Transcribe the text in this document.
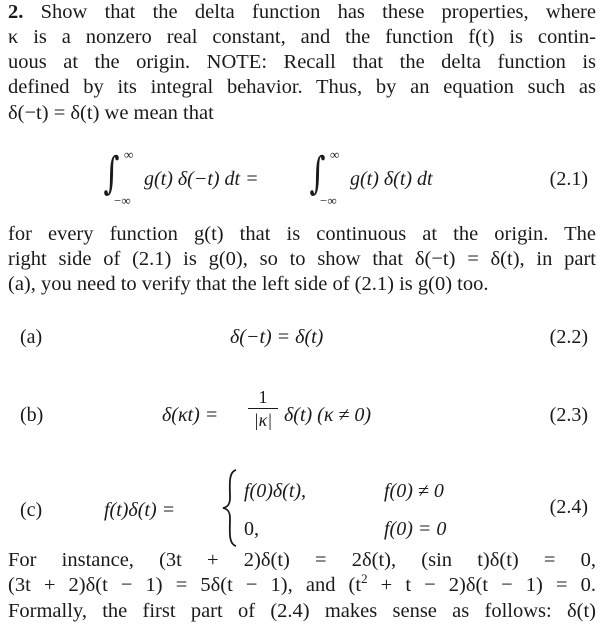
2. Show that the delta function has these properties, where
κ is a nonzero real constant, and the function f(t) is contin-
uous at the origin. NOTE: Recall that the delta function is
defined by its integral behavior. Thus, by an equation such as
δ(−t) = δ(t) we mean that
∫ ∞
−∞
g(t) δ(−t) dt = ∫ ∞
−∞
g(t) δ(t) dt	(2.1)
for every function g(t) that is continuous at the origin. The
right side of (2.1) is g(0), so to show that δ(−t) = δ(t), in part
(a), you need to verify that the left side of (2.1) is g(0) too.
(a)	δ(−t) = δ(t)	(2.2)
(b)	$\delta(\kappa t) = \frac{1}{|\kappa|} \delta(t) (\kappa \ne 0)$	(2.3)
(c)	f(t)δ(t) =
f(0)δ(t),	f(0) ≠ 0
0,	f(0) = 0
(2.4)
For instance, (3t + 2)δ(t) = 2δ(t), (sin t)δ(t) = 0,
(3t + 2)δ(t − 1) = 5δ(t − 1), and $(t^2 + t - 2)\delta(t - 1) = 0$.
Formally, the first part of (2.4) makes sense as follows: δ(t)
